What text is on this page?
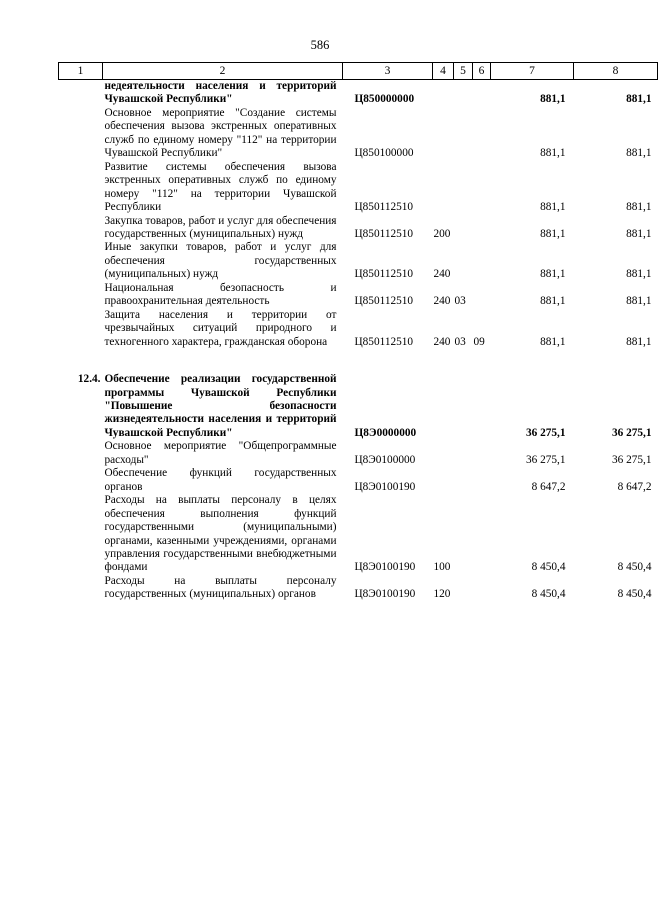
586
1	2	3	4	5	6	7	8
	недеятельности населения и территорий Чувашской Республики"	Ц850000000				881,1	881,1
	Основное мероприятие "Создание системы обеспечения вызова экстренных оперативных служб по единому номеру "112" на территории Чувашской Республики"	Ц850100000				881,1	881,1
	Развитие системы обеспечения вызова экстренных оперативных служб по единому номеру "112" на территории Чувашской Республики	Ц850112510				881,1	881,1
	Закупка товаров, работ и услуг для обеспечения государственных (муниципальных) нужд	Ц850112510	200			881,1	881,1
	Иные закупки товаров, работ и услуг для обеспечения государственных (муниципальных) нужд	Ц850112510	240			881,1	881,1
	Национальная безопасность и правоохранительная деятельность	Ц850112510	240	03		881,1	881,1
	Защита населения и территории от чрезвычайных ситуаций природного и техногенного характера, гражданская оборона	Ц850112510	240	03	09	881,1	881,1

12.4.	Обеспечение реализации государственной программы Чувашской Республики "Повышение безопасности жизнедеятельности населения и территорий Чувашской Республики"	Ц8Э0000000				36 275,1	36 275,1
	Основное мероприятие "Общепрограммные расходы"	Ц8Э0100000				36 275,1	36 275,1
	Обеспечение функций государственных органов	Ц8Э0100190				8 647,2	8 647,2
	Расходы на выплаты персоналу в целях обеспечения выполнения функций государственными (муниципальными) органами, казенными учреждениями, органами управления государственными внебюджетными фондами	Ц8Э0100190	100			8 450,4	8 450,4
	Расходы на выплаты персоналу государственных (муниципальных) органов	Ц8Э0100190	120			8 450,4	8 450,4
